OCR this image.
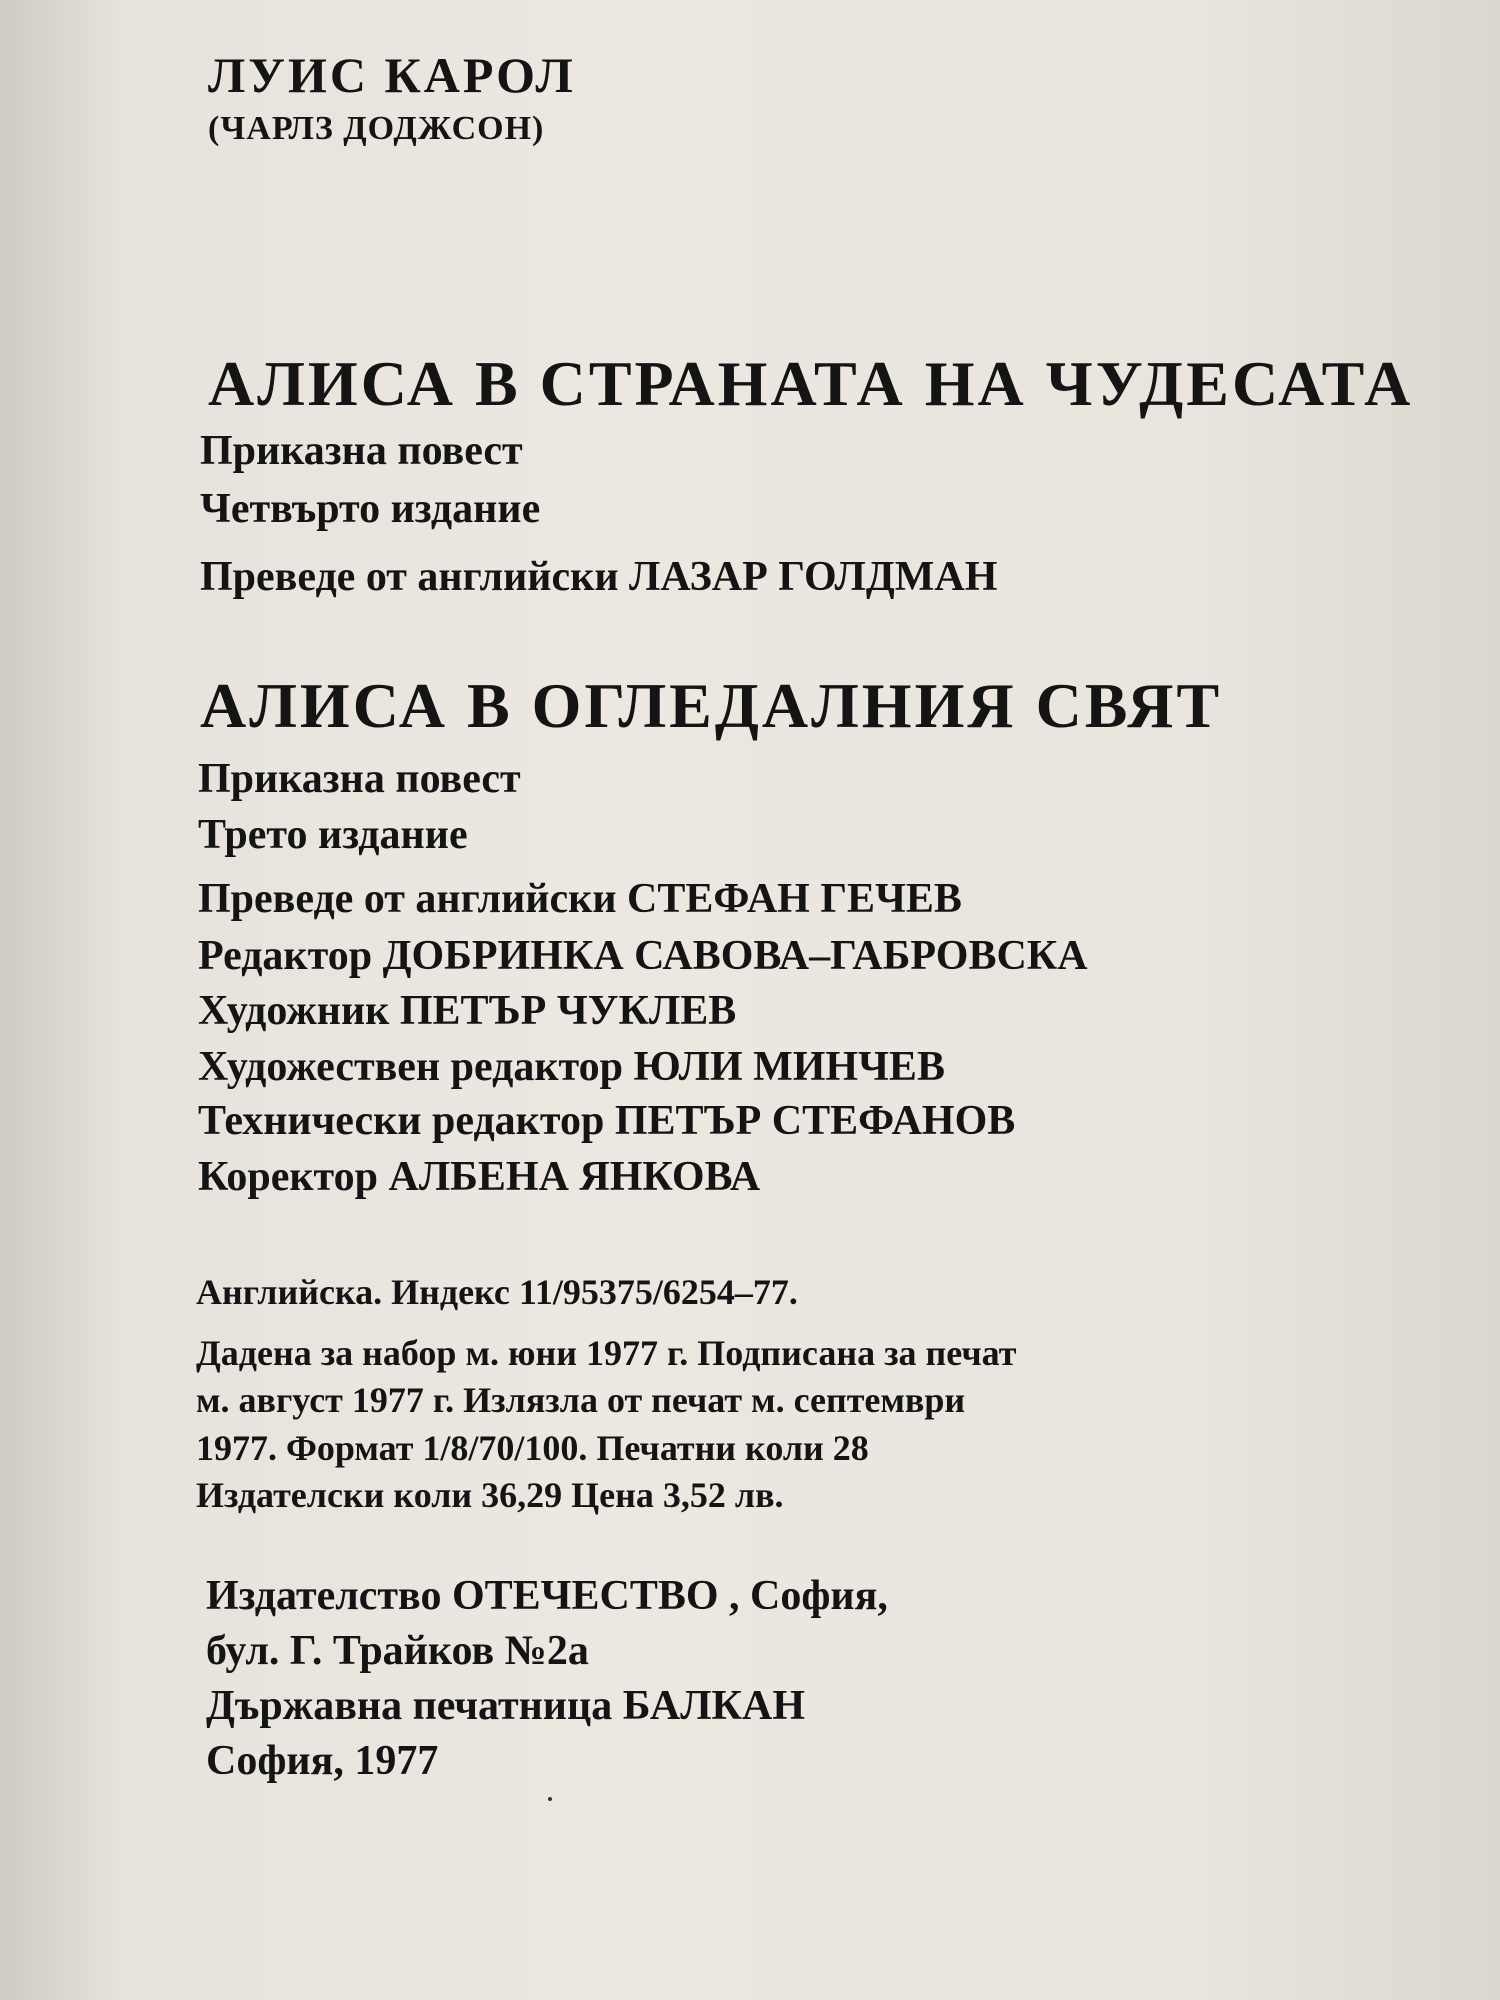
ЛУИС КАРОЛ

(ЧАРЛЗ ДОДЖСОН)

АЛИСА В СТРАНАТА НА ЧУДЕСАТА

Приказна повест

Четвърто издание

Преведе от английски ЛАЗАР ГОЛДМАН

АЛИСА В ОГЛЕДАЛНИЯ СВЯТ

Приказна повест

Трето издание

Преведе от английски СТЕФАН ГЕЧЕВ

Редактор ДОБРИНКА САВОВА–ГАБРОВСКА

Художник ПЕТЪР ЧУКЛЕВ

Художествен редактор ЮЛИ МИНЧЕВ

Технически редактор ПЕТЪР СТЕФАНОВ

Коректор АЛБЕНА ЯНКОВА

Английска. Индекс 11/95375/6254–77.

Дадена за набор м. юни 1977 г. Подписана за печат

м. август 1977 г. Излязла от печат м. септември

1977. Формат 1/8/70/100. Печатни коли 28

Издателски коли 36,29 Цена 3,52 лв.

Издателство ОТЕЧЕСТВО , София,

бул. Г. Трайков №2а

Държавна печатница БАЛКАН

София, 1977
